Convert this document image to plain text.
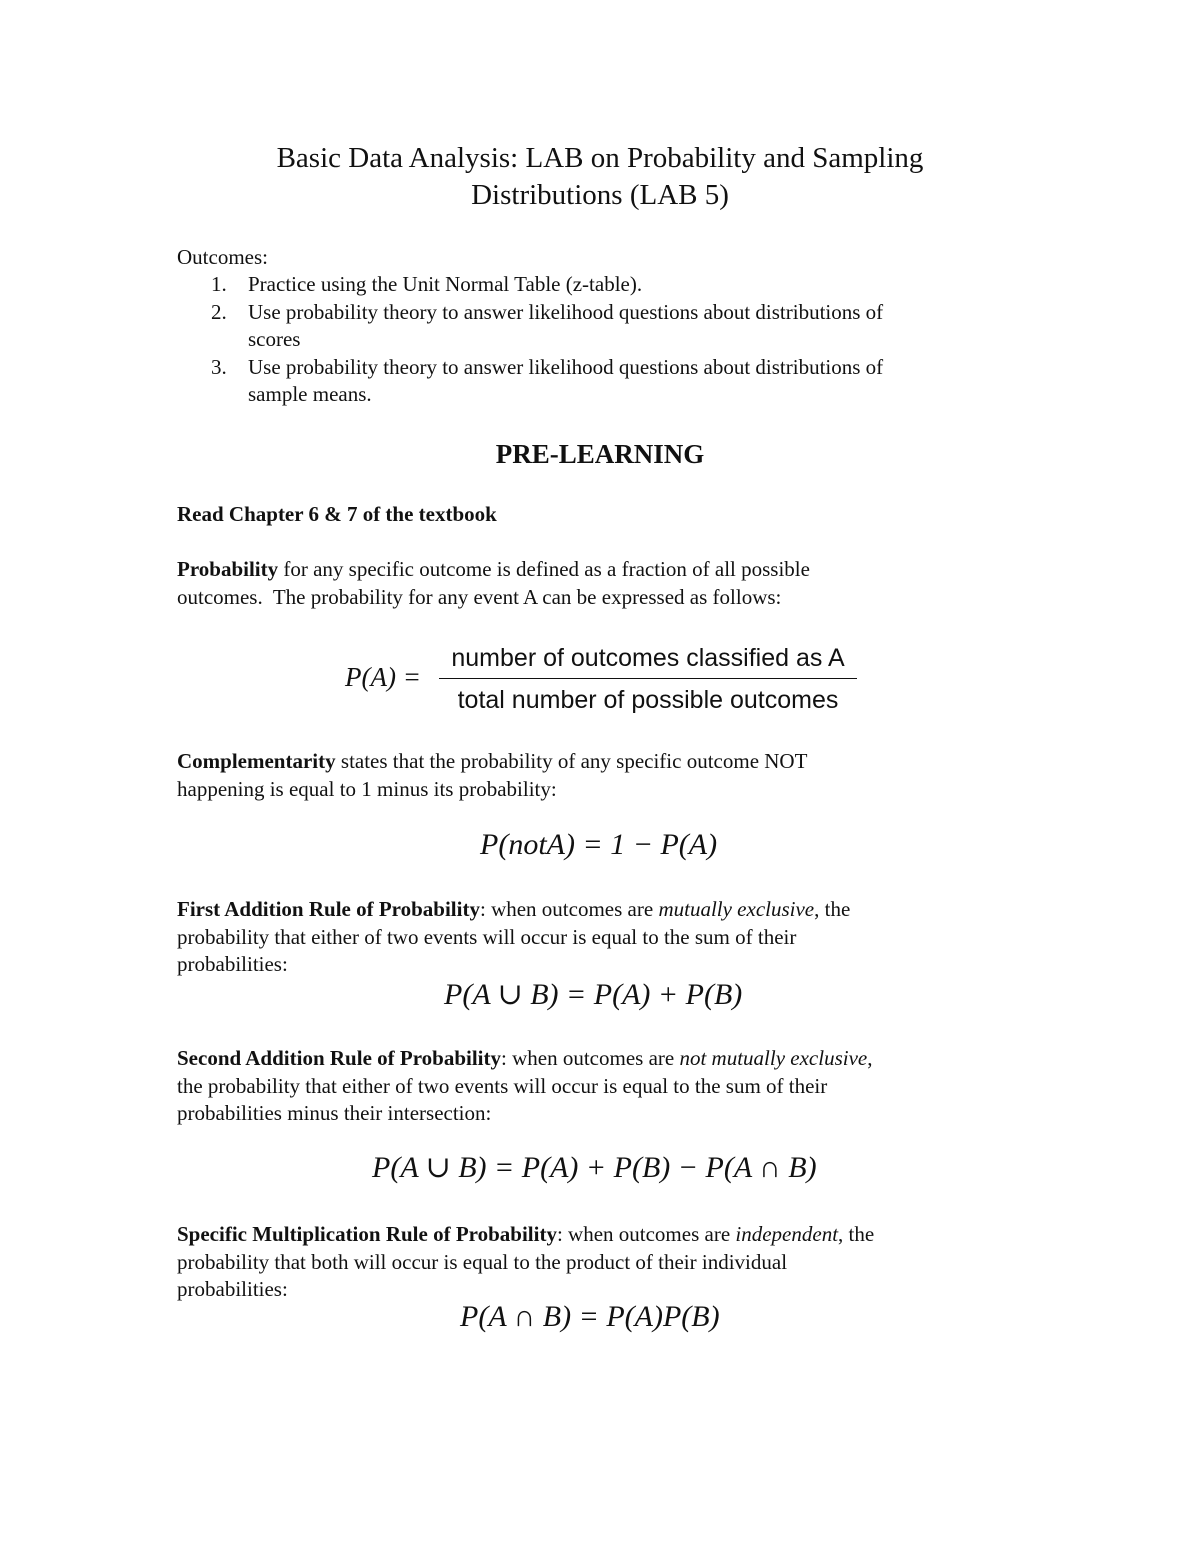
Basic Data Analysis: LAB on Probability and Sampling
Distributions (LAB 5)
Outcomes:
1. Practice using the Unit Normal Table (z-table).
2. Use probability theory to answer likelihood questions about distributions of
scores
3. Use probability theory to answer likelihood questions about distributions of
sample means.
PRE-LEARNING
Read Chapter 6 & 7 of the textbook
Probability for any specific outcome is defined as a fraction of all possible
outcomes.  The probability for any event A can be expressed as follows:
P(A) =
number of outcomes classified as A
total number of possible outcomes
Complementarity states that the probability of any specific outcome NOT
happening is equal to 1 minus its probability:
P(notA) = 1 − P(A)
First Addition Rule of Probability: when outcomes are mutually exclusive, the
probability that either of two events will occur is equal to the sum of their
probabilities:
P(A ∪ B) = P(A) + P(B)
Second Addition Rule of Probability: when outcomes are not mutually exclusive,
the probability that either of two events will occur is equal to the sum of their
probabilities minus their intersection:
P(A ∪ B) = P(A) + P(B) − P(A ∩ B)
Specific Multiplication Rule of Probability: when outcomes are independent, the
probability that both will occur is equal to the product of their individual
probabilities:
P(A ∩ B) = P(A)P(B)
